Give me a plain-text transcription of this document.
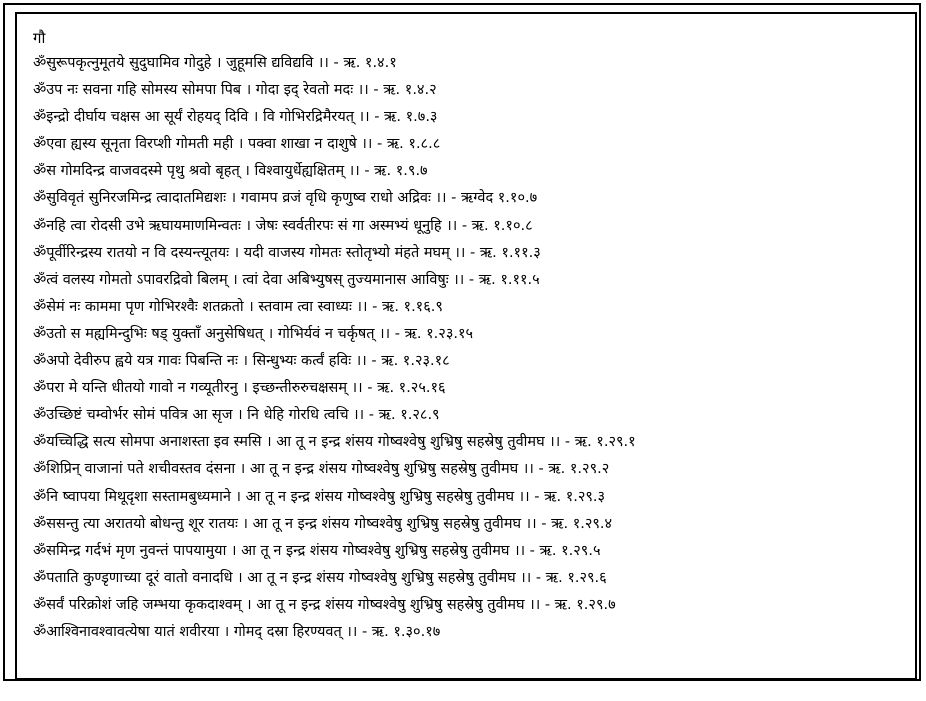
गौ
ॐसुरूपकृत्नुमूतये सुदुघामिव गोदुहे । जुहूमसि द्यविद्यवि ।। - ऋ. १.४.१
ॐउप नः सवना गहि सोमस्य सोमपा पिब । गोदा इद् रेवतो मदः ।। - ऋ. १.४.२
ॐइन्द्रो दीर्घाय चक्षस आ सूर्यं रोहयद् दिवि । वि गोभिरद्रिमैरयत् ।। - ऋ. १.७.३
ॐएवा ह्यस्य सूनृता विरप्शी गोमती मही । पक्वा शाखा न दाशुषे ।। - ऋ. १.८.८
ॐस गोमदिन्द्र वाजवदस्मे पृथु श्रवो बृहत् । विश्वायुर्धेह्यक्षितम् ।। - ऋ. १.९.७
ॐसुविवृतं सुनिरजमिन्द्र त्वादातमिद्यशः । गवामप व्रजं वृधि कृणुष्व राधो अद्रिवः ।। - ऋग्वेद १.१०.७
ॐनहि त्वा रोदसी उभे ऋघायमाणमिन्वतः । जेषः स्वर्वतीरपः सं गा अस्मभ्यं धूनुहि ।। - ऋ. १.१०.८
ॐपूर्वीरिन्द्रस्य रातयो न वि दस्यन्त्यूतयः । यदी वाजस्य गोमतः स्तोतृभ्यो मंहते मघम् ।। - ऋ. १.११.३
ॐत्वं वलस्य गोमतो ऽपावरद्रिवो बिलम् । त्वां देवा अबिभ्युषस् तुज्यमानास आविषुः ।। - ऋ. १.११.५
ॐसेमं नः काममा पृण गोभिरश्वैः शतक्रतो । स्तवाम त्वा स्वाध्यः ।। - ऋ. १.१६.९
ॐउतो स मह्यमिन्दुभिः षड् युक्ताँ अनुसेषिधत् । गोभिर्यवं न चर्कृषत् ।। - ऋ. १.२३.१५
ॐअपो देवीरुप ह्वये यत्र गावः पिबन्ति नः । सिन्धुभ्यः कर्त्वं हविः ।। - ऋ. १.२३.१८
ॐपरा मे यन्ति धीतयो गावो न गव्यूतीरनु । इच्छन्तीरुरुचक्षसम् ।। - ऋ. १.२५.१६
ॐउच्छिष्टं चम्वोर्भर सोमं पवित्र आ सृज । नि धेहि गोरधि त्वचि ।। - ऋ. १.२८.९
ॐयच्चिद्धि सत्य सोमपा अनाशस्ता इव स्मसि । आ तू न इन्द्र शंसय गोष्वश्वेषु शुभ्रिषु सहस्रेषु तुवीमघ ।। - ऋ. १.२९.१
ॐशिप्रिन् वाजानां पते शचीवस्तव दंसना । आ तू न इन्द्र शंसय गोष्वश्वेषु शुभ्रिषु सहस्रेषु तुवीमघ ।। - ऋ. १.२९.२
ॐनि ष्वापया मिथूदृशा सस्तामबुध्यमाने । आ तू न इन्द्र शंसय गोष्वश्वेषु शुभ्रिषु सहस्रेषु तुवीमघ ।। - ऋ. १.२९.३
ॐससन्तु त्या अरातयो बोधन्तु शूर रातयः । आ तू न इन्द्र शंसय गोष्वश्वेषु शुभ्रिषु सहस्रेषु तुवीमघ ।। - ऋ. १.२९.४
ॐसमिन्द्र गर्दभं मृण नुवन्तं पापयामुया । आ तू न इन्द्र शंसय गोष्वश्वेषु शुभ्रिषु सहस्रेषु तुवीमघ ।। - ऋ. १.२९.५
ॐपताति कुण्डृणाच्या दूरं वातो वनादधि । आ तू न इन्द्र शंसय गोष्वश्वेषु शुभ्रिषु सहस्रेषु तुवीमघ ।। - ऋ. १.२९.६
ॐसर्वं परिक्रोशं जहि जम्भया कृकदाश्वम् । आ तू न इन्द्र शंसय गोष्वश्वेषु शुभ्रिषु सहस्रेषु तुवीमघ ।। - ऋ. १.२९.७
ॐआश्विनावश्वावत्येषा यातं शवीरया । गोमद् दस्रा हिरण्यवत् ।। - ऋ. १.३०.१७
